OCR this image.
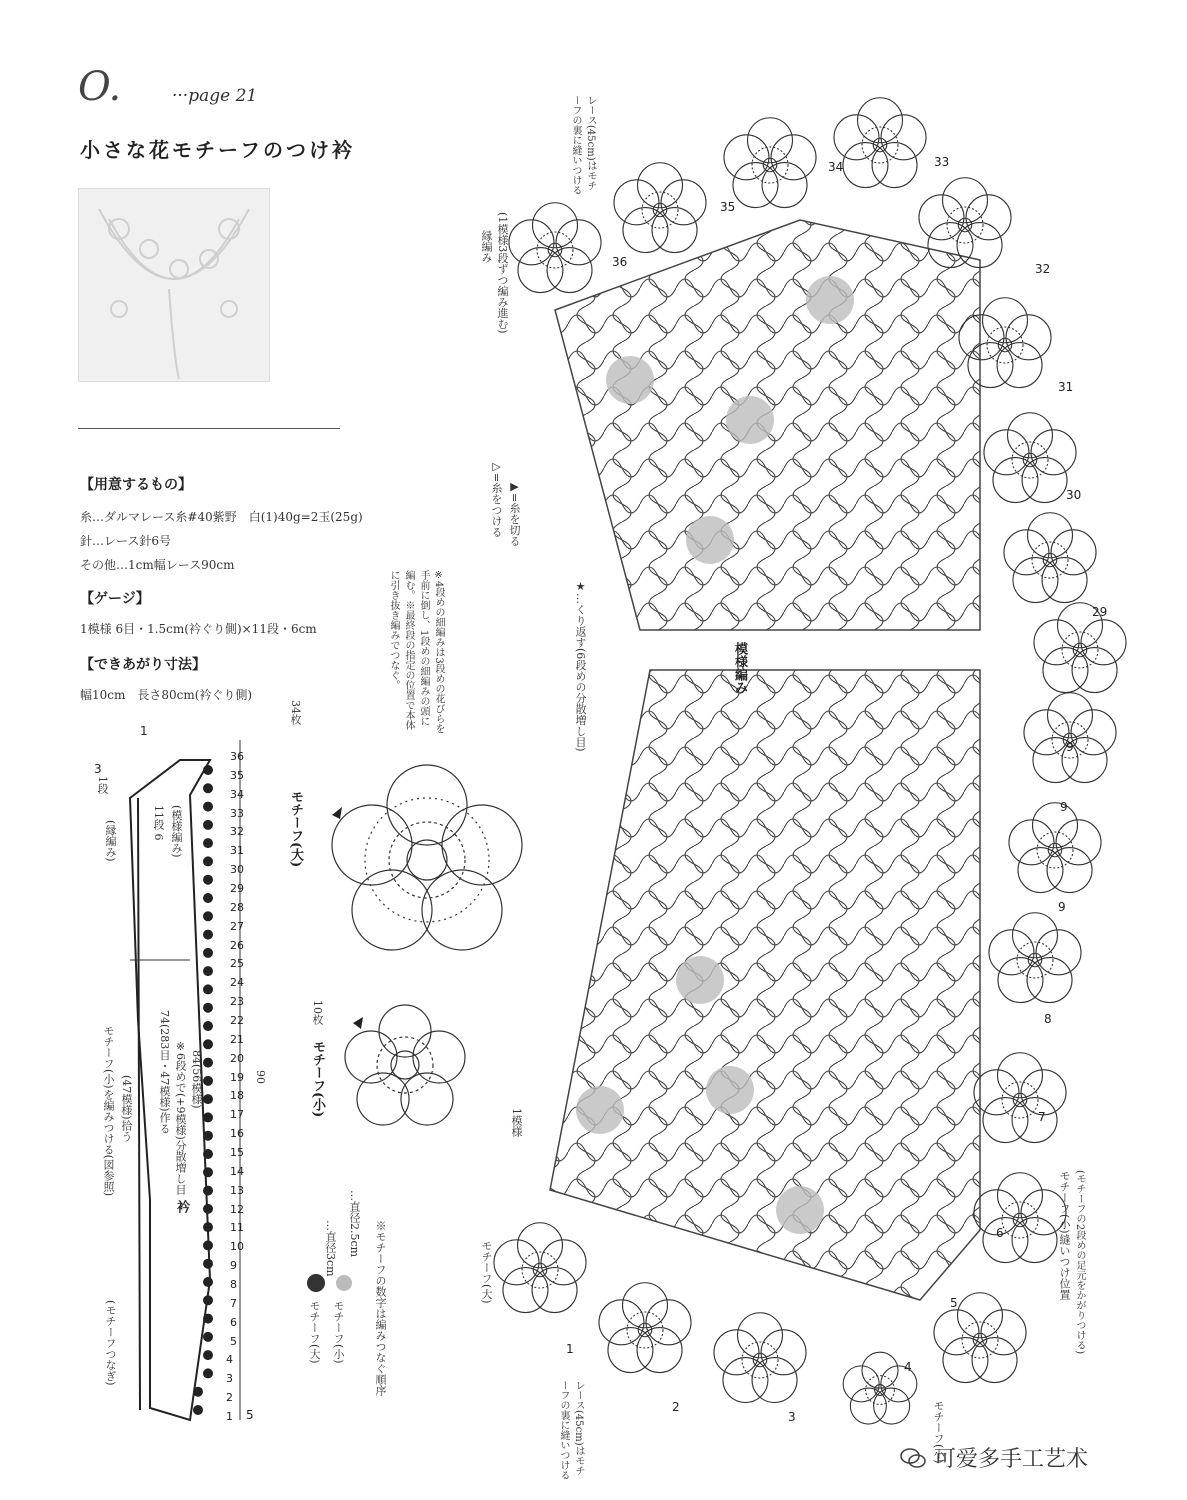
O.	···page 21
小さな花モチーフのつけ衿
【用意するもの】
糸…ダルマレース糸#40紫野　白(1)40g=2玉(25g)
針…レース針6号
その他…1cm幅レース90cm
【ゲージ】
1模様 6目・1.5cm(衿ぐり側)×11段・6cm
【できあがり寸法】
幅10cm　長さ80cm(衿ぐり側)
(縁編み)	(模様編み)
衿
(モチーフつなぎ)
モチーフ(小)を編みつける(図参照) (47模様)拾う 74(283目・47模様)作る ※6段めで(+9模様)分散増し目 84(56模様)
1
3
1段
11段 6
90
5
1
2
3
4
5
6
7
8
9
10
11
12
13
14
15
16
17
18
19
20
21
22
23
24
25
26
27
28
29
30
31
32
33
34
35
36
モチーフ(大)
34枚	※4段めの細編みは3段めの花びらを手前に倒し、1段めの細編みの頭に編む。※最終段の指定の位置で本体に引き抜き編みでつなぐ。
モチーフ(小)
10枚
モチーフ(大)
…直径3cm
モチーフ(小)
…直径2.5cm ※モチーフの数字は編みつなぐ順序
▷=糸をつける ▶=糸を切る
縁編み (1模様3段ずつ編み進む)
レース(45cm)はモチーフの裏に縫いつける
レース(45cm)はモチーフの裏に縫いつける
模様編み
★…くり返す(6段めの分散増し目)
1模様
モチーフ(大)
モチーフ(小)
モチーフ(小)縫いつけ位置 (モチーフの2段めの足元をかがりつける)
36
35
34	33
32
31
30
29
1
2
3
4
5
6
7
8
9
9
9
可爱多手工艺术
